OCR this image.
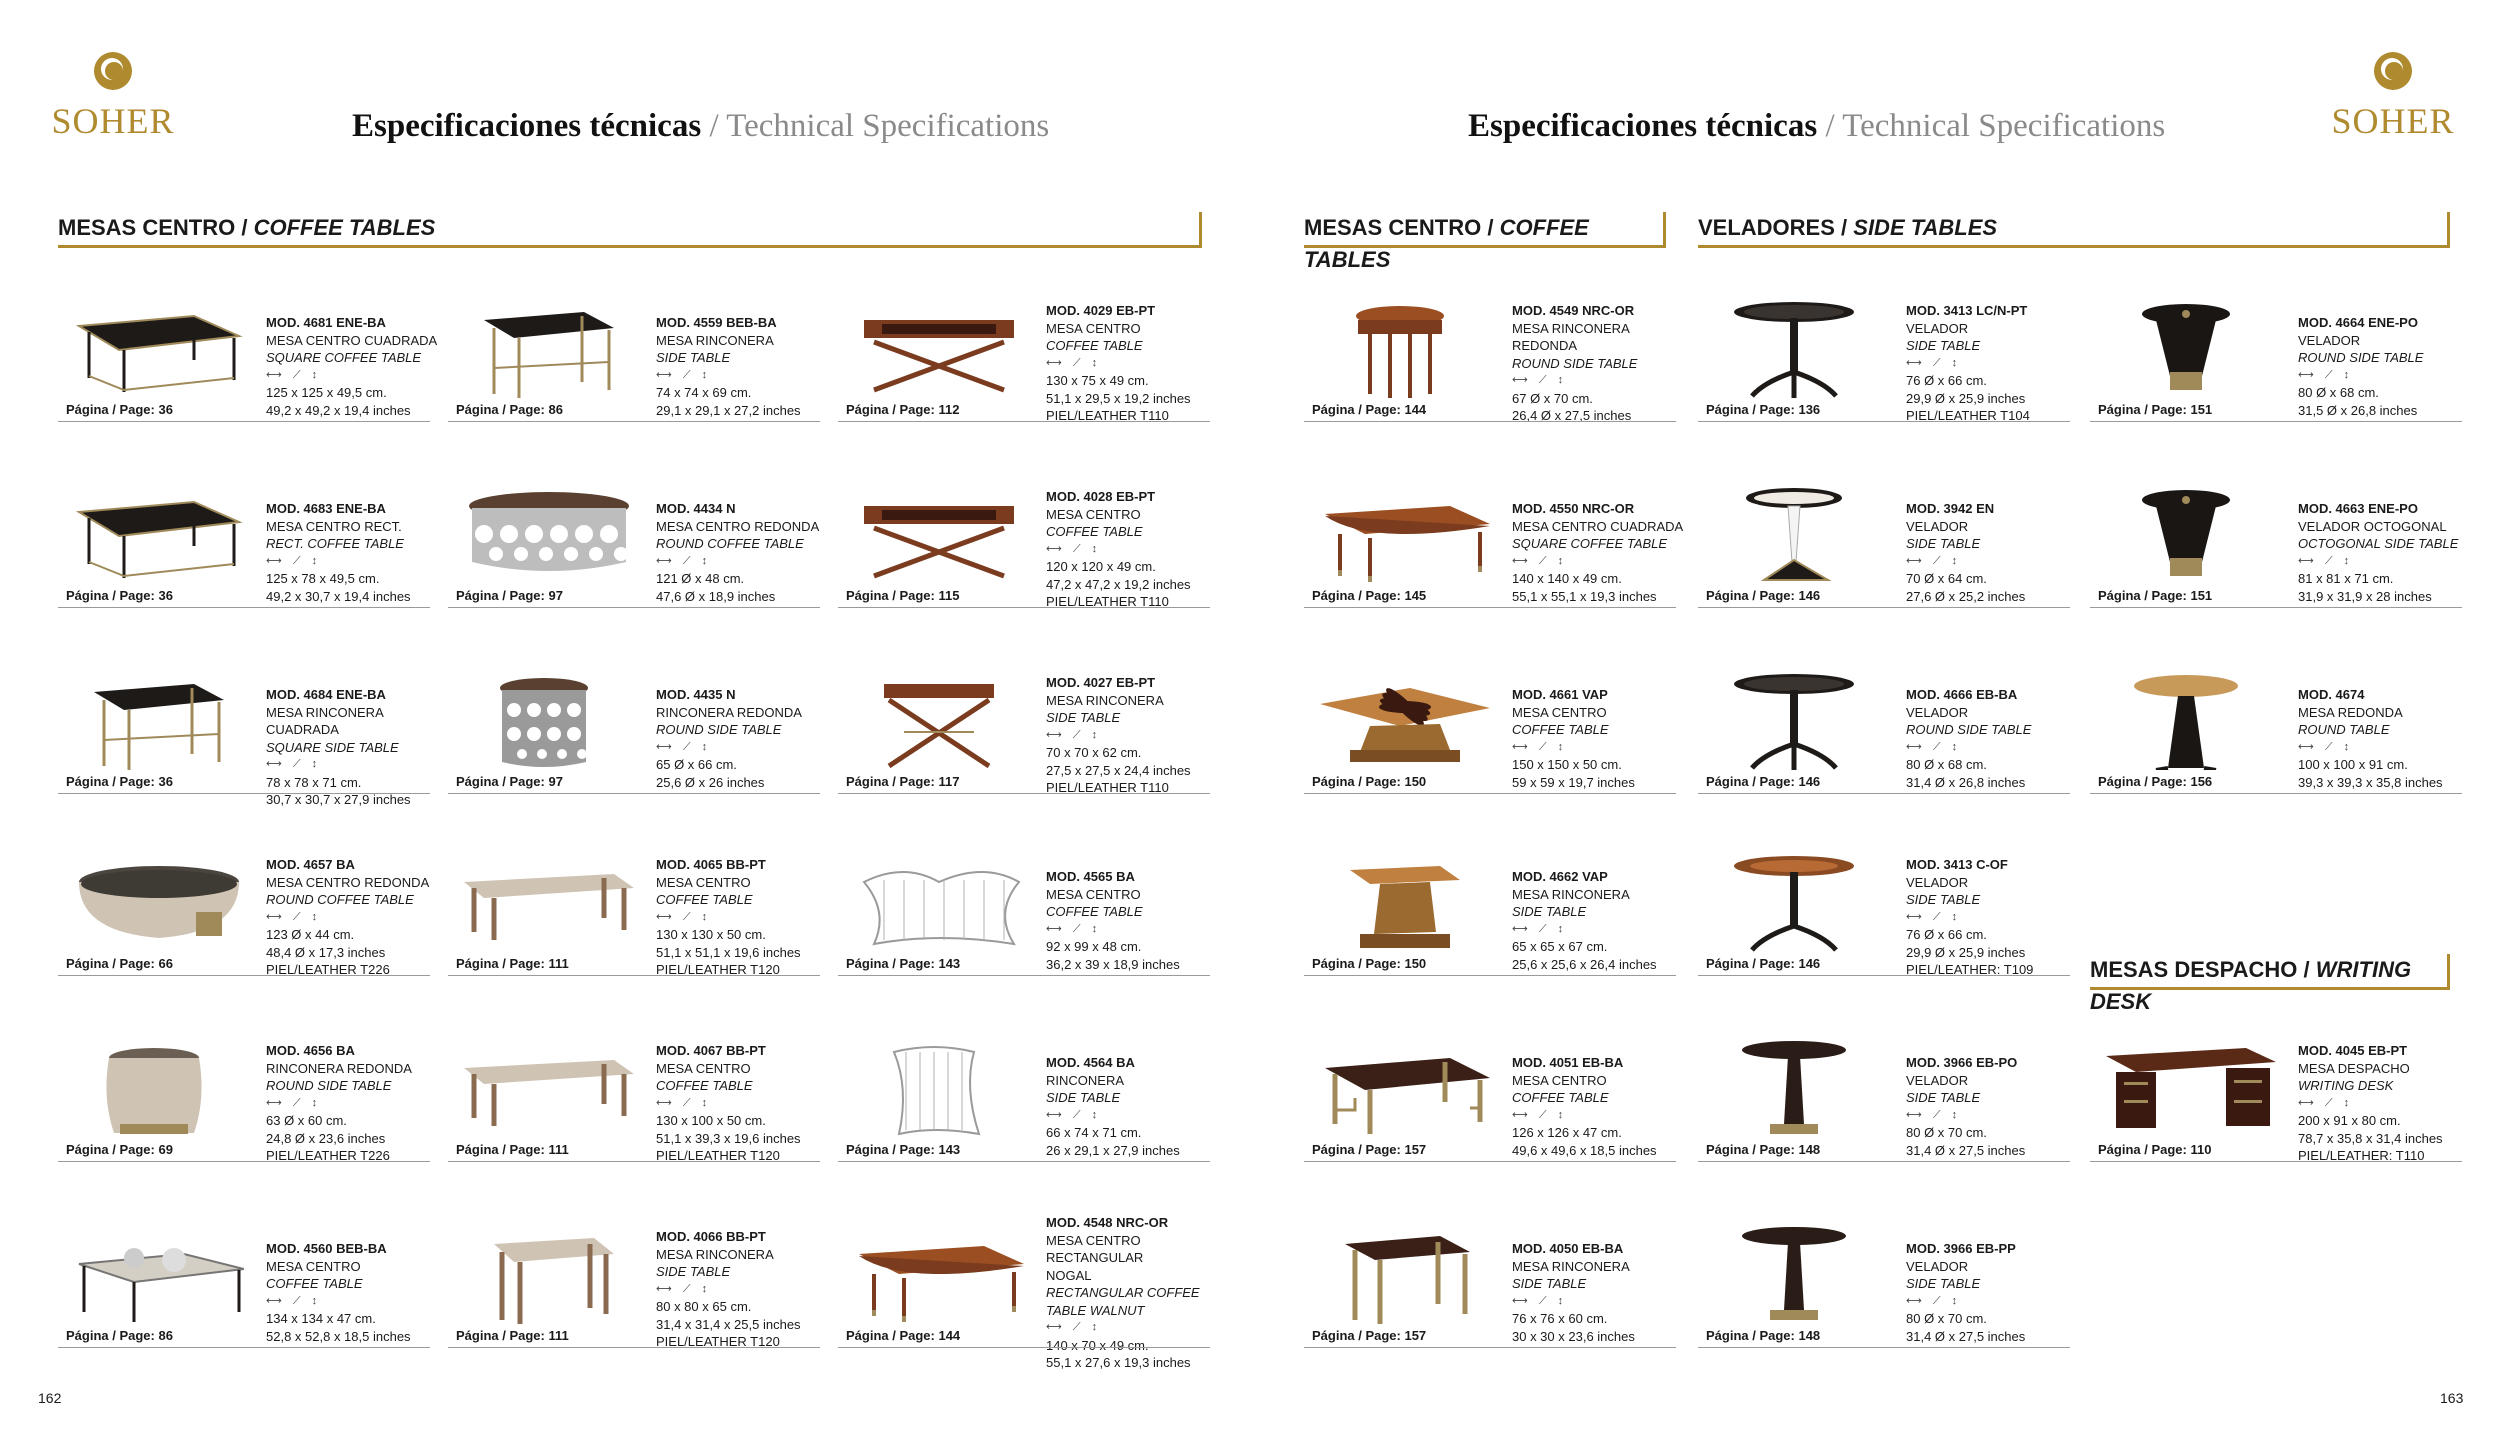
SOHER	SOHER
Especificaciones técnicas / Technical Specifications	Especificaciones técnicas / Technical Specifications
MESAS CENTRO / COFFEE TABLES	MESAS CENTRO / COFFEE TABLES
VELADORES / SIDE TABLES
MESAS DESPACHO / WRITING DESK
MOD. 4681 ENE-BA
MESA CENTRO CUADRADA
SQUARE COFFEE TABLE
⟷ ⟋ ↕
125 x 125 x 49,5 cm.
49,2 x 49,2 x 19,4 inches
Página / Page: 36
MOD. 4683 ENE-BA
MESA CENTRO RECT.
RECT. COFFEE TABLE
⟷ ⟋ ↕
125 x 78 x 49,5 cm.
49,2 x 30,7 x 19,4 inches
Página / Page: 36
MOD. 4684 ENE-BA
MESA RINCONERA CUADRADA
SQUARE SIDE TABLE
⟷ ⟋ ↕
78 x 78 x 71 cm.
30,7 x 30,7 x 27,9 inches
Página / Page: 36
MOD. 4657 BA
MESA CENTRO REDONDA
ROUND COFFEE TABLE
⟷ ⟋ ↕
123 Ø x 44 cm.
48,4 Ø x 17,3 inches
PIEL/LEATHER T226
Página / Page: 66
MOD. 4656 BA
RINCONERA REDONDA
ROUND SIDE TABLE
⟷ ⟋ ↕
63 Ø x 60 cm.
24,8 Ø x 23,6 inches
PIEL/LEATHER T226
Página / Page: 69
MOD. 4560 BEB-BA
MESA CENTRO
COFFEE TABLE
⟷ ⟋ ↕
134 x 134 x 47 cm.
52,8 x 52,8 x 18,5 inches
Página / Page: 86
MOD. 4559 BEB-BA
MESA RINCONERA
SIDE TABLE
⟷ ⟋ ↕
74 x 74 x 69 cm.
29,1 x 29,1 x 27,2 inches
Página / Page: 86
MOD. 4434 N
MESA CENTRO REDONDA
ROUND COFFEE TABLE
⟷ ⟋ ↕
121 Ø x 48 cm.
47,6 Ø x 18,9 inches
Página / Page: 97
MOD. 4435 N
RINCONERA REDONDA
ROUND SIDE TABLE
⟷ ⟋ ↕
65 Ø x 66 cm.
25,6 Ø x 26 inches
Página / Page: 97
MOD. 4065 BB-PT
MESA CENTRO
COFFEE TABLE
⟷ ⟋ ↕
130 x 130 x 50 cm.
51,1 x 51,1 x 19,6 inches
PIEL/LEATHER T120
Página / Page: 111
MOD. 4067 BB-PT
MESA CENTRO
COFFEE TABLE
⟷ ⟋ ↕
130 x 100 x 50 cm.
51,1 x 39,3 x 19,6 inches
PIEL/LEATHER T120
Página / Page: 111
MOD. 4066 BB-PT
MESA RINCONERA
SIDE TABLE
⟷ ⟋ ↕
80 x 80 x 65 cm.
31,4 x 31,4 x 25,5 inches
PIEL/LEATHER T120
Página / Page: 111
MOD. 4029 EB-PT
MESA CENTRO
COFFEE TABLE
⟷ ⟋ ↕
130 x 75 x 49 cm.
51,1 x 29,5 x 19,2 inches
PIEL/LEATHER T110
Página / Page: 112
MOD. 4028 EB-PT
MESA CENTRO
COFFEE TABLE
⟷ ⟋ ↕
120 x 120 x 49 cm.
47,2 x 47,2 x 19,2 inches
PIEL/LEATHER T110
Página / Page: 115
MOD. 4027 EB-PT
MESA RINCONERA
SIDE TABLE
⟷ ⟋ ↕
70 x 70 x 62 cm.
27,5 x 27,5 x 24,4 inches
PIEL/LEATHER T110
Página / Page: 117
MOD. 4565 BA
MESA CENTRO
COFFEE TABLE
⟷ ⟋ ↕
92 x 99 x 48 cm.
36,2 x 39 x 18,9 inches
Página / Page: 143
MOD. 4564 BA
RINCONERA
SIDE TABLE
⟷ ⟋ ↕
66 x 74 x 71 cm.
26 x 29,1 x 27,9 inches
Página / Page: 143
MOD. 4548 NRC-OR
MESA CENTRO RECTANGULAR
NOGAL
RECTANGULAR COFFEE
TABLE WALNUT
⟷ ⟋ ↕
140 x 70 x 49 cm.
55,1 x 27,6 x 19,3 inches
Página / Page: 144
MOD. 4549 NRC-OR
MESA RINCONERA
REDONDA
ROUND SIDE TABLE
⟷ ⟋ ↕
67 Ø x 70 cm.
26,4 Ø x 27,5 inches
Página / Page: 144
MOD. 4550 NRC-OR
MESA CENTRO CUADRADA
SQUARE COFFEE TABLE
⟷ ⟋ ↕
140 x 140 x 49 cm.
55,1 x 55,1 x 19,3 inches
Página / Page: 145
MOD. 4661 VAP
MESA CENTRO
COFFEE TABLE
⟷ ⟋ ↕
150 x 150 x 50 cm.
59 x 59 x 19,7 inches
Página / Page: 150
MOD. 4662 VAP
MESA RINCONERA
SIDE TABLE
⟷ ⟋ ↕
65 x 65 x 67 cm.
25,6 x 25,6 x 26,4 inches
Página / Page: 150
MOD. 4051 EB-BA
MESA CENTRO
COFFEE TABLE
⟷ ⟋ ↕
126 x 126 x 47 cm.
49,6 x 49,6 x 18,5 inches
Página / Page: 157
MOD. 4050 EB-BA
MESA RINCONERA
SIDE TABLE
⟷ ⟋ ↕
76 x 76 x 60 cm.
30 x 30 x 23,6 inches
Página / Page: 157
MOD. 3413 LC/N-PT
VELADOR
SIDE TABLE
⟷ ⟋ ↕
76 Ø x 66 cm.
29,9 Ø x 25,9 inches
PIEL/LEATHER T104
Página / Page: 136
MOD. 3942 EN
VELADOR
SIDE TABLE
⟷ ⟋ ↕
70 Ø x 64 cm.
27,6 Ø x 25,2 inches
Página / Page: 146
MOD. 4666 EB-BA
VELADOR
ROUND SIDE TABLE
⟷ ⟋ ↕
80 Ø x 68 cm.
31,4 Ø x 26,8 inches
Página / Page: 146
MOD. 3413 C-OF
VELADOR
SIDE TABLE
⟷ ⟋ ↕
76 Ø x 66 cm.
29,9 Ø x 25,9 inches
PIEL/LEATHER: T109
Página / Page: 146
MOD. 3966 EB-PO
VELADOR
SIDE TABLE
⟷ ⟋ ↕
80 Ø x 70 cm.
31,4 Ø x 27,5 inches
Página / Page: 148
MOD. 3966 EB-PP
VELADOR
SIDE TABLE
⟷ ⟋ ↕
80 Ø x 70 cm.
31,4 Ø x 27,5 inches
Página / Page: 148
MOD. 4664 ENE-PO
VELADOR
ROUND SIDE TABLE
⟷ ⟋ ↕
80 Ø x 68 cm.
31,5 Ø x 26,8 inches
Página / Page: 151
MOD. 4663 ENE-PO
VELADOR OCTOGONAL
OCTOGONAL SIDE TABLE
⟷ ⟋ ↕
81 x 81 x 71 cm.
31,9 x 31,9 x 28 inches
Página / Page: 151
MOD. 4674
MESA REDONDA
ROUND TABLE
⟷ ⟋ ↕
100 x 100 x 91 cm.
39,3 x 39,3 x 35,8 inches
Página / Page: 156
MOD. 4045 EB-PT
MESA DESPACHO
WRITING DESK
⟷ ⟋ ↕
200 x 91 x 80 cm.
78,7 x 35,8 x 31,4 inches
PIEL/LEATHER: T110
Página / Page: 110
162	163
